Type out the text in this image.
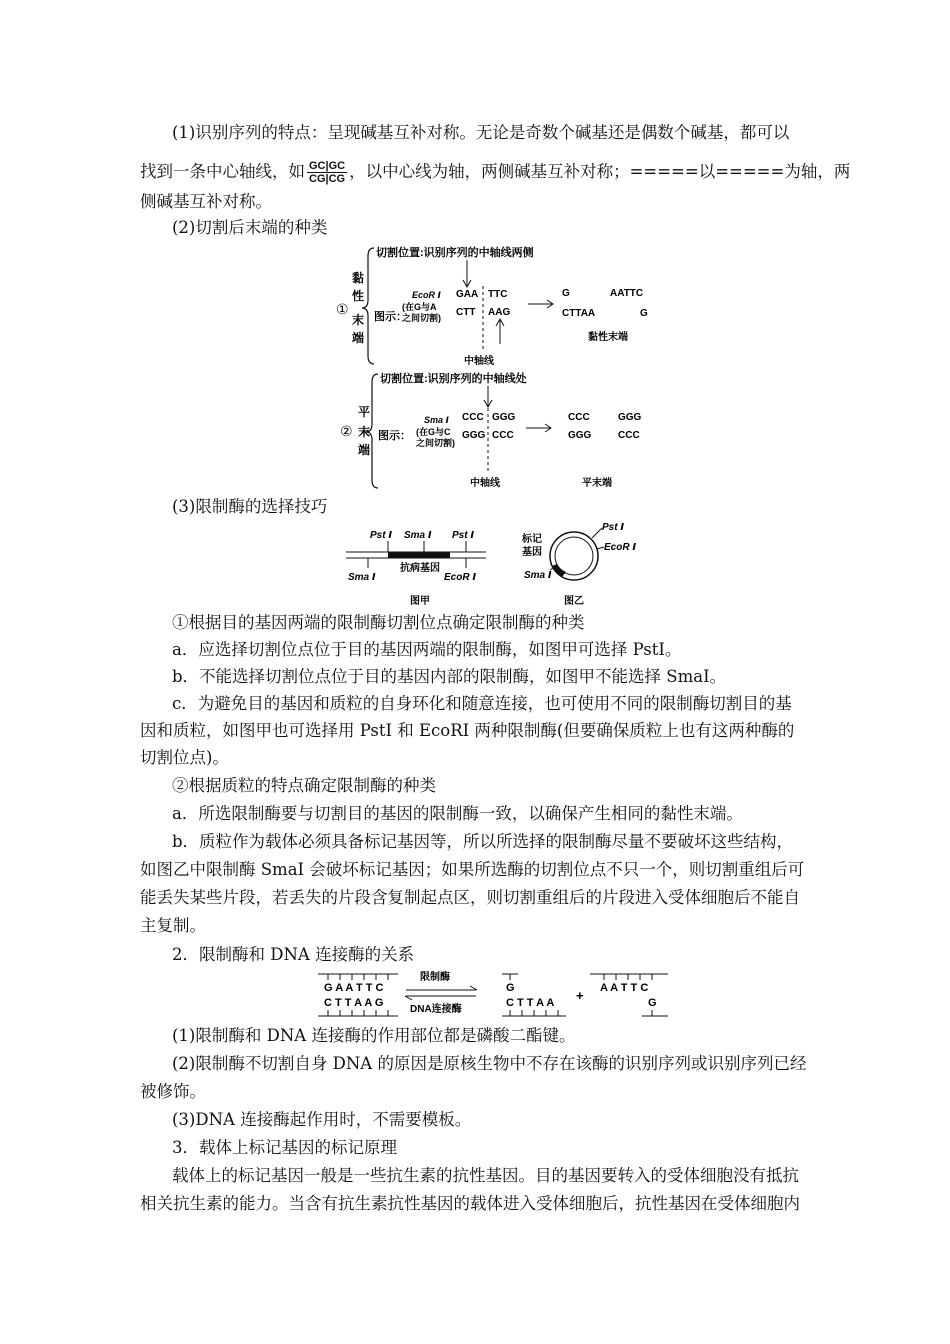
(1)识别序列的特点：呈现碱基互补对称。无论是奇数个碱基还是偶数个碱基，都可以
找到一条中心轴线，如 $\frac{GC|GC}{CG|CG}$ ，以中心线为轴，两侧碱基互补对称；=====以=====为轴，两
侧碱基互补对称。
(2)切割后末端的种类
①
黏
性
末
端
切割位置:识别序列的中轴线两侧
EcoR Ⅰ
(在G与A
之间切割)
图示：
GAA TTC
CTT AAG
G	AATTC
CTTAA	G
中轴线
黏性末端
②
平
末
端
切割位置:识别序列的中轴线处
Sma Ⅰ
(在G与C
之间切割)
图示：
CCC GGG
GGG CCC
CCC	GGG
GGG	CCC
中轴线	平末端
(3)限制酶的选择技巧
Pst Ⅰ Sma Ⅰ Pst Ⅰ
抗病基因
Sma Ⅰ	EcoR Ⅰ
图甲
标记
基因
Pst Ⅰ
EcoR Ⅰ
Sma Ⅰ
图乙
①根据目的基因两端的限制酶切割位点确定限制酶的种类
a．应选择切割位点位于目的基因两端的限制酶，如图甲可选择 PstⅠ。
b．不能选择切割位点位于目的基因内部的限制酶，如图甲不能选择 SmaⅠ。
c．为避免目的基因和质粒的自身环化和随意连接，也可使用不同的限制酶切割目的基
因和质粒，如图甲也可选择用 PstⅠ 和 EcoRⅠ 两种限制酶(但要确保质粒上也有这两种酶的
切割位点)。
②根据质粒的特点确定限制酶的种类
a．所选限制酶要与切割目的基因的限制酶一致，以确保产生相同的黏性末端。
b．质粒作为载体必须具备标记基因等，所以所选择的限制酶尽量不要破坏这些结构，
如图乙中限制酶 SmaⅠ 会破坏标记基因；如果所选酶的切割位点不只一个，则切割重组后可
能丢失某些片段，若丢失的片段含复制起点区，则切割重组后的片段进入受体细胞后不能自
主复制。
2．限制酶和 DNA 连接酶的关系
G A A T T C
C T T A A G
限制酶
DNA连接酶
G
C T T A A + A A T T C
G
(1)限制酶和 DNA 连接酶的作用部位都是磷酸二酯键。
(2)限制酶不切割自身 DNA 的原因是原核生物中不存在该酶的识别序列或识别序列已经
被修饰。
(3)DNA 连接酶起作用时，不需要模板。
3．载体上标记基因的标记原理
载体上的标记基因一般是一些抗生素的抗性基因。目的基因要转入的受体细胞没有抵抗
相关抗生素的能力。当含有抗生素抗性基因的载体进入受体细胞后，抗性基因在受体细胞内
